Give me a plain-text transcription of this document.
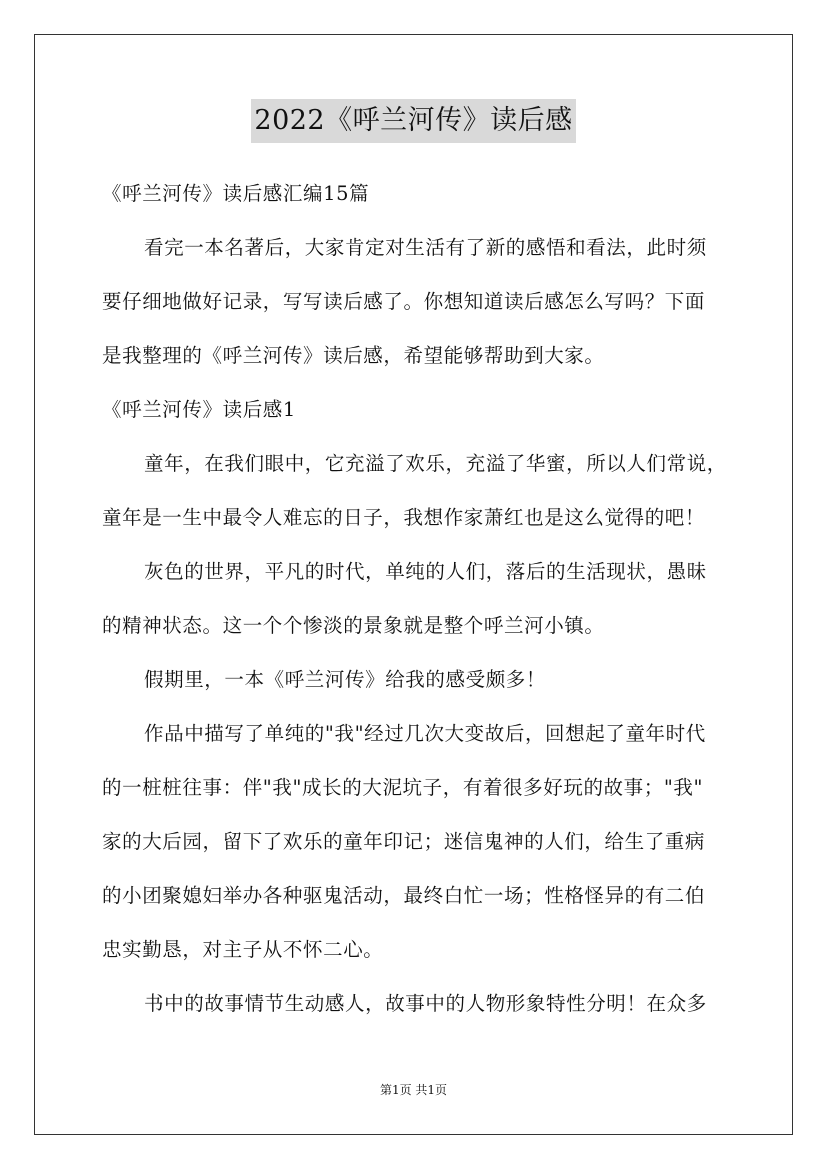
2022《呼兰河传》读后感
《呼兰河传》读后感汇编15篇
看完一本名著后，大家肯定对生活有了新的感悟和看法，此时须
要仔细地做好记录，写写读后感了。你想知道读后感怎么写吗？下面
是我整理的《呼兰河传》读后感，希望能够帮助到大家。
《呼兰河传》读后感1
童年，在我们眼中，它充溢了欢乐，充溢了华蜜，所以人们常说，
童年是一生中最令人难忘的日子，我想作家萧红也是这么觉得的吧！
灰色的世界，平凡的时代，单纯的人们，落后的生活现状，愚昧
的精神状态。这一个个惨淡的景象就是整个呼兰河小镇。
假期里，一本《呼兰河传》给我的感受颇多！
作品中描写了单纯的"我"经过几次大变故后，回想起了童年时代
的一桩桩往事：伴"我"成长的大泥坑子，有着很多好玩的故事；"我"
家的大后园，留下了欢乐的童年印记；迷信鬼神的人们，给生了重病
的小团聚媳妇举办各种驱鬼活动，最终白忙一场；性格怪异的有二伯
忠实勤恳，对主子从不怀二心。
书中的故事情节生动感人，故事中的人物形象特性分明！在众多
第1页 共1页
